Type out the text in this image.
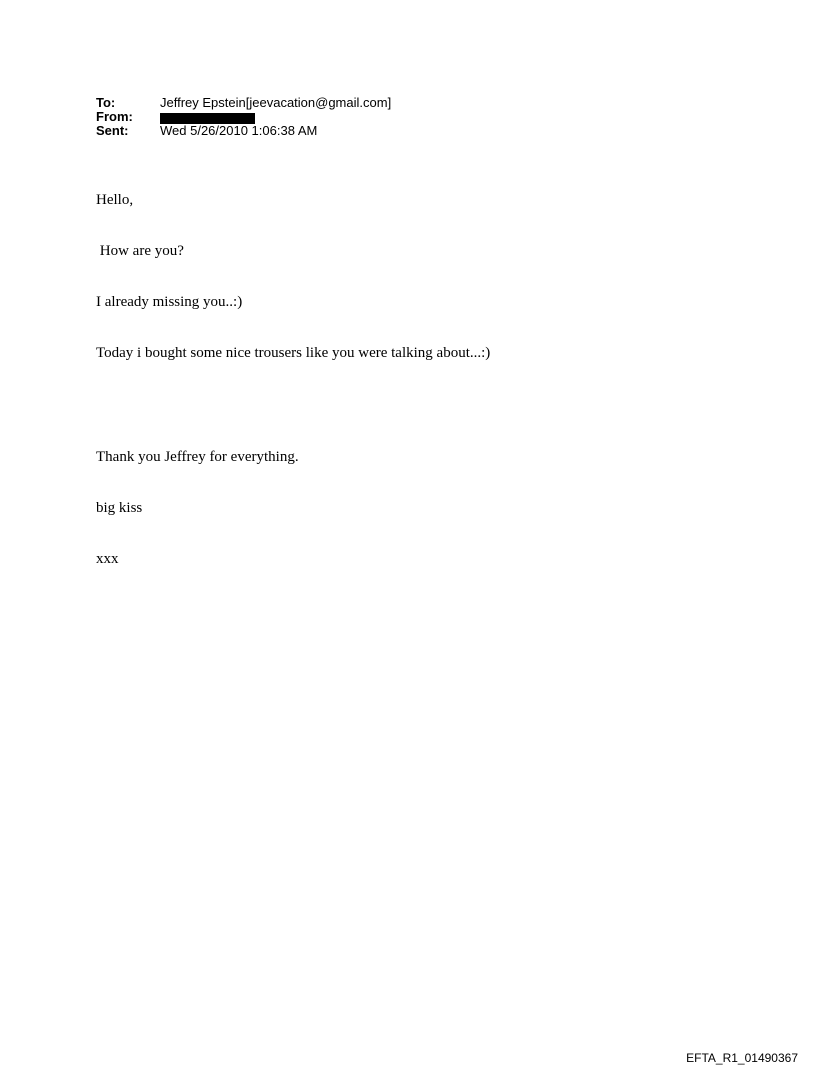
To:	Jeffrey Epstein[jeevacation@gmail.com]
From:
Sent:	Wed 5/26/2010 1:06:38 AM

Hello,

How are you?

I already missing you..:)

Today i bought some nice trousers like you were talking about...:)

Thank you Jeffrey for everything.

big kiss

xxx

EFTA_R1_01490367
